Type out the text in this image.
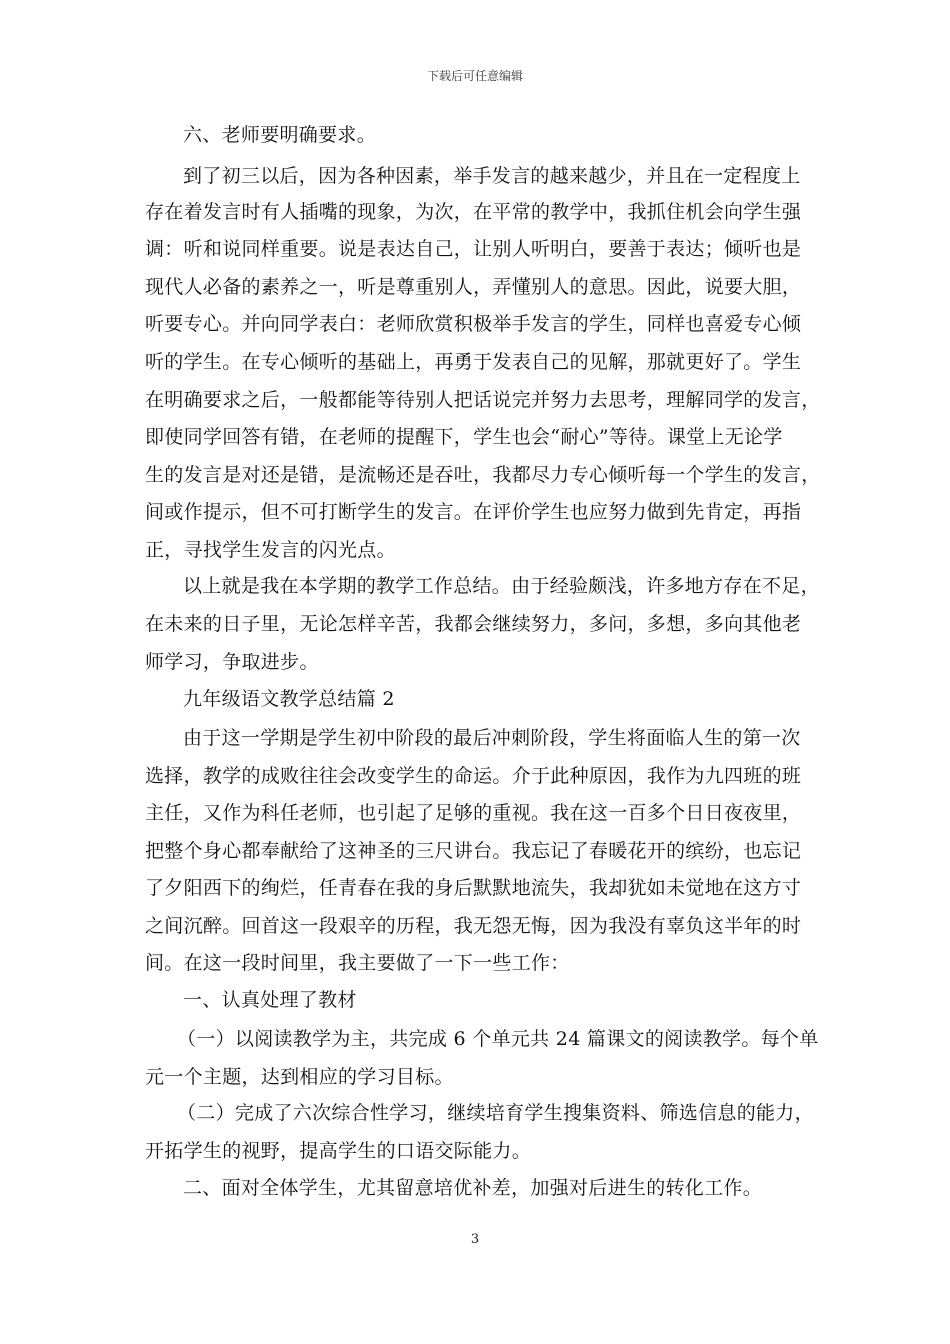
下载后可任意编辑
六、老师要明确要求。
到了初三以后，因为各种因素，举手发言的越来越少，并且在一定程度上
存在着发言时有人插嘴的现象，为次，在平常的教学中，我抓住机会向学生强
调：听和说同样重要。说是表达自己，让别人听明白，要善于表达；倾听也是
现代人必备的素养之一，听是尊重别人，弄懂别人的意思。因此，说要大胆，
听要专心。并向同学表白：老师欣赏积极举手发言的学生，同样也喜爱专心倾
听的学生。在专心倾听的基础上，再勇于发表自己的见解，那就更好了。学生
在明确要求之后，一般都能等待别人把话说完并努力去思考，理解同学的发言，
即使同学回答有错，在老师的提醒下，学生也会“耐心”等待。课堂上无论学
生的发言是对还是错，是流畅还是吞吐，我都尽力专心倾听每一个学生的发言，
间或作提示，但不可打断学生的发言。在评价学生也应努力做到先肯定，再指
正，寻找学生发言的闪光点。
以上就是我在本学期的教学工作总结。由于经验颇浅，许多地方存在不足，
在未来的日子里，无论怎样辛苦，我都会继续努力，多问，多想，多向其他老
师学习，争取进步。
九年级语文教学总结篇 2
由于这一学期是学生初中阶段的最后冲刺阶段，学生将面临人生的第一次
选择，教学的成败往往会改变学生的命运。介于此种原因，我作为九四班的班
主任，又作为科任老师，也引起了足够的重视。我在这一百多个日日夜夜里，
把整个身心都奉献给了这神圣的三尺讲台。我忘记了春暖花开的缤纷，也忘记
了夕阳西下的绚烂，任青春在我的身后默默地流失，我却犹如未觉地在这方寸
之间沉醉。回首这一段艰辛的历程，我无怨无悔，因为我没有辜负这半年的时
间。在这一段时间里，我主要做了一下一些工作：
一、认真处理了教材
（一）以阅读教学为主，共完成 6 个单元共 24 篇课文的阅读教学。每个单
元一个主题，达到相应的学习目标。
（二）完成了六次综合性学习，继续培育学生搜集资料、筛选信息的能力，
开拓学生的视野，提高学生的口语交际能力。
二、面对全体学生，尤其留意培优补差，加强对后进生的转化工作。
3
